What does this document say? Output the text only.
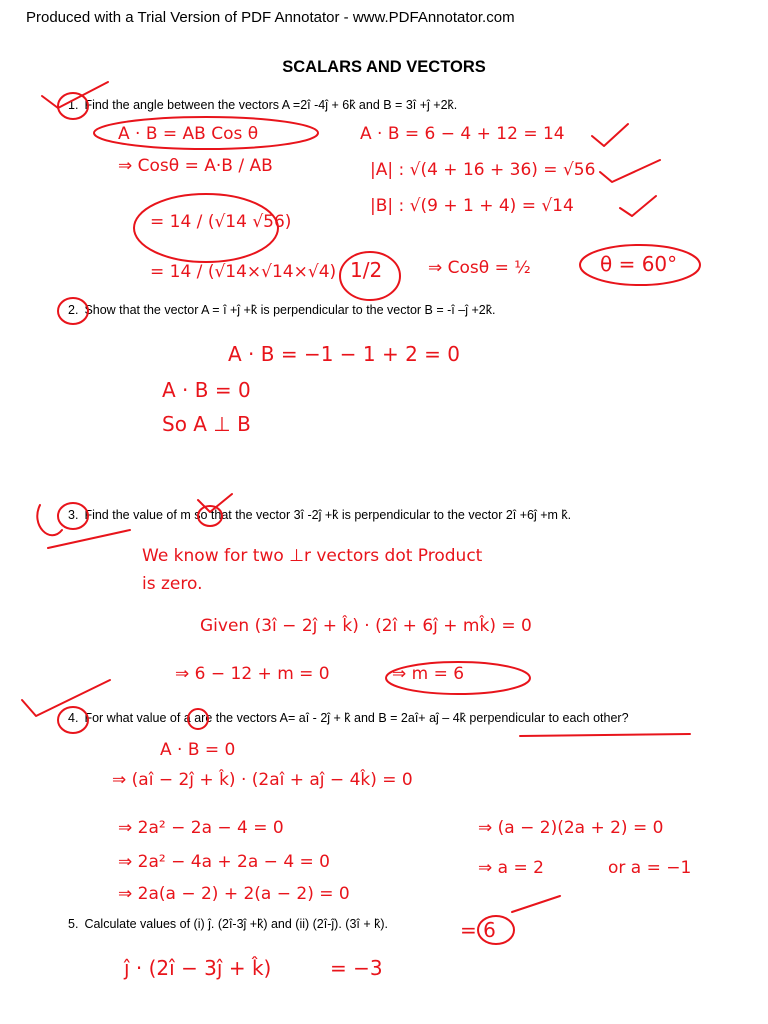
Produced with a Trial Version of PDF Annotator - www.PDFAnnotator.com
SCALARS AND VECTORS
1. Find the angle between the vectors A =2î -4ĵ + 6k̂ and B = 3î +ĵ +2k̂.
2. Show that the vector A = î +ĵ +k̂ is perpendicular to the vector B = -î –ĵ +2k̂.
3. Find the value of m so that the vector 3î -2ĵ +k̂ is perpendicular to the vector 2î +6ĵ +m k̂.
4. For what value of a are the vectors A= aî - 2ĵ + k̂ and B = 2aî+ aĵ – 4k̂ perpendicular to each other?
5. Calculate values of (i) ĵ. (2î-3ĵ +k̂) and (ii) (2î-ĵ). (3î + k̂).
A · B = AB Cos θ	A · B = 6 − 4 + 12 = 14
⇒ Cosθ = A·B / AB	|A| : √(4 + 16 + 36) = √56
|B| : √(9 + 1 + 4) = √14
= 14 / (√14 √56)
= 14 / (√14×√14×√4) 1/2	⇒ Cosθ = ½	θ = 60°
A · B = −1 − 1 + 2 = 0
A · B = 0
So A ⊥ B
We know for two ⊥r vectors dot Product
is zero.
Given (3î − 2ĵ + k̂) · (2î + 6ĵ + mk̂) = 0
⇒ 6 − 12 + m = 0	⇒ m = 6
A · B = 0
⇒ (aî − 2ĵ + k̂) · (2aî + aĵ − 4k̂) = 0
⇒ 2a² − 2a − 4 = 0
⇒ 2a² − 4a + 2a − 4 = 0
⇒ 2a(a − 2) + 2(a − 2) = 0
⇒ (a − 2)(2a + 2) = 0
⇒ a = 2	or a = −1
= 6
ĵ · (2î − 3ĵ + k̂)	= −3
